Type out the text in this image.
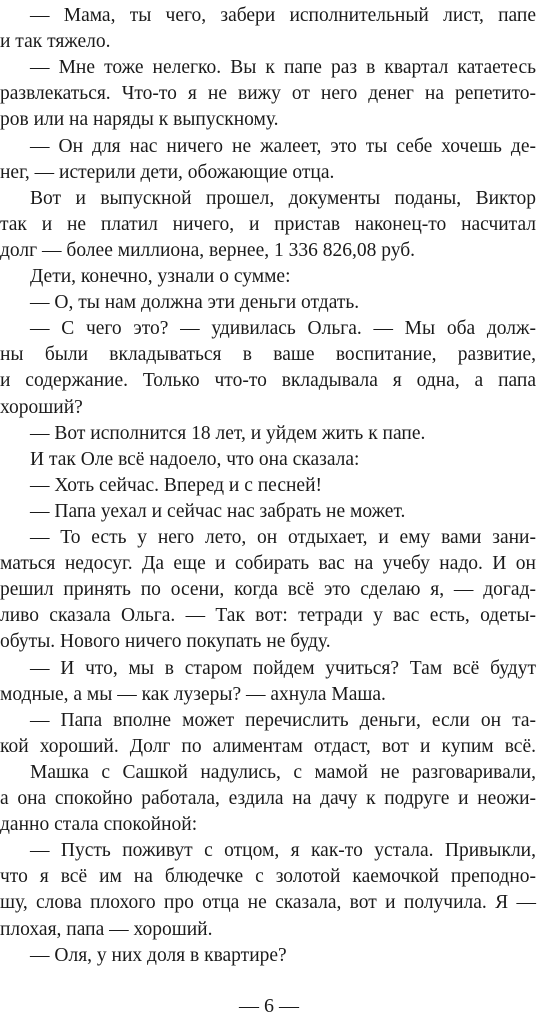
— Мама, ты чего, забери исполнительный лист, папе
и так тяжело.
— Мне тоже нелегко. Вы к папе раз в квартал катаетесь
развлекаться. Что-то я не вижу от него денег на репетито-
ров или на наряды к выпускному.
— Он для нас ничего не жалеет, это ты себе хочешь де-
нег, — истерили дети, обожающие отца.
Вот и выпускной прошел, документы поданы, Виктор
так и не платил ничего, и пристав наконец-то насчитал
долг — более миллиона, вернее, 1 336 826,08 руб.
Дети, конечно, узнали о сумме:
— О, ты нам должна эти деньги отдать.
— С чего это? — удивилась Ольга. — Мы оба долж-
ны были вкладываться в ваше воспитание, развитие,
и содержание. Только что-то вкладывала я одна, а папа
хороший?
— Вот исполнится 18 лет, и уйдем жить к папе.
И так Оле всё надоело, что она сказала:
— Хоть сейчас. Вперед и с песней!
— Папа уехал и сейчас нас забрать не может.
— То есть у него лето, он отдыхает, и ему вами зани-
маться недосуг. Да еще и собирать вас на учебу надо. И он
решил принять по осени, когда всё это сделаю я, — догад-
ливо сказала Ольга. — Так вот: тетради у вас есть, одеты-
обуты. Нового ничего покупать не буду.
— И что, мы в старом пойдем учиться? Там всё будут
модные, а мы — как лузеры? — ахнула Маша.
— Папа вполне может перечислить деньги, если он та-
кой хороший. Долг по алиментам отдаст, вот и купим всё.
Машка с Сашкой надулись, с мамой не разговаривали,
а она спокойно работала, ездила на дачу к подруге и неожи-
данно стала спокойной:
— Пусть поживут с отцом, я как-то устала. Привыкли,
что я всё им на блюдечке с золотой каемочкой преподно-
шу, слова плохого про отца не сказала, вот и получила. Я —
плохая, папа — хороший.
— Оля, у них доля в квартире?
— 6 —
